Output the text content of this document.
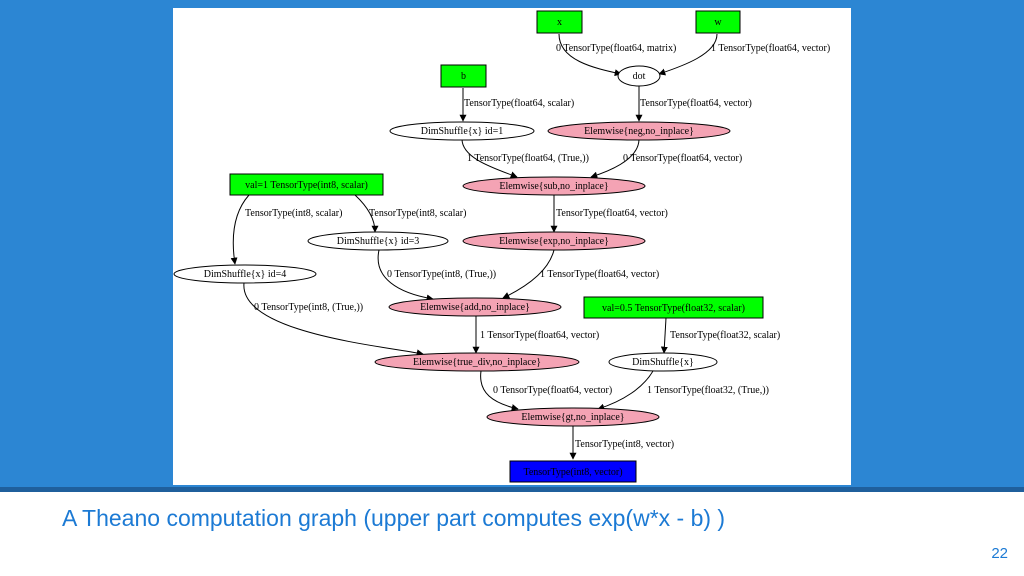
0 TensorType(float64, matrix)	1 TensorType(float64, vector)
TensorType(float64, scalar)	TensorType(float64, vector)
1 TensorType(float64, (True,))	0 TensorType(float64, vector)
TensorType(int8, scalar)	TensorType(int8, scalar)	TensorType(float64, vector)
0 TensorType(int8, (True,))	1 TensorType(float64, vector)
0 TensorType(int8, (True,))
1 TensorType(float64, vector)	TensorType(float32, scalar)
0 TensorType(float64, vector)	1 TensorType(float32, (True,))
TensorType(int8, vector)
x	w
dot
b
DimShuffle{x} id=1	Elemwise{neg,no_inplace}
val=1 TensorType(int8, scalar)	Elemwise{sub,no_inplace}
DimShuffle{x} id=3	Elemwise{exp,no_inplace}
DimShuffle{x} id=4
Elemwise{add,no_inplace}	val=0.5 TensorType(float32, scalar)
Elemwise{true_div,no_inplace}	DimShuffle{x}
Elemwise{gt,no_inplace}
TensorType(int8, vector)
A Theano computation graph (upper part computes exp(w*x - b) )
22
